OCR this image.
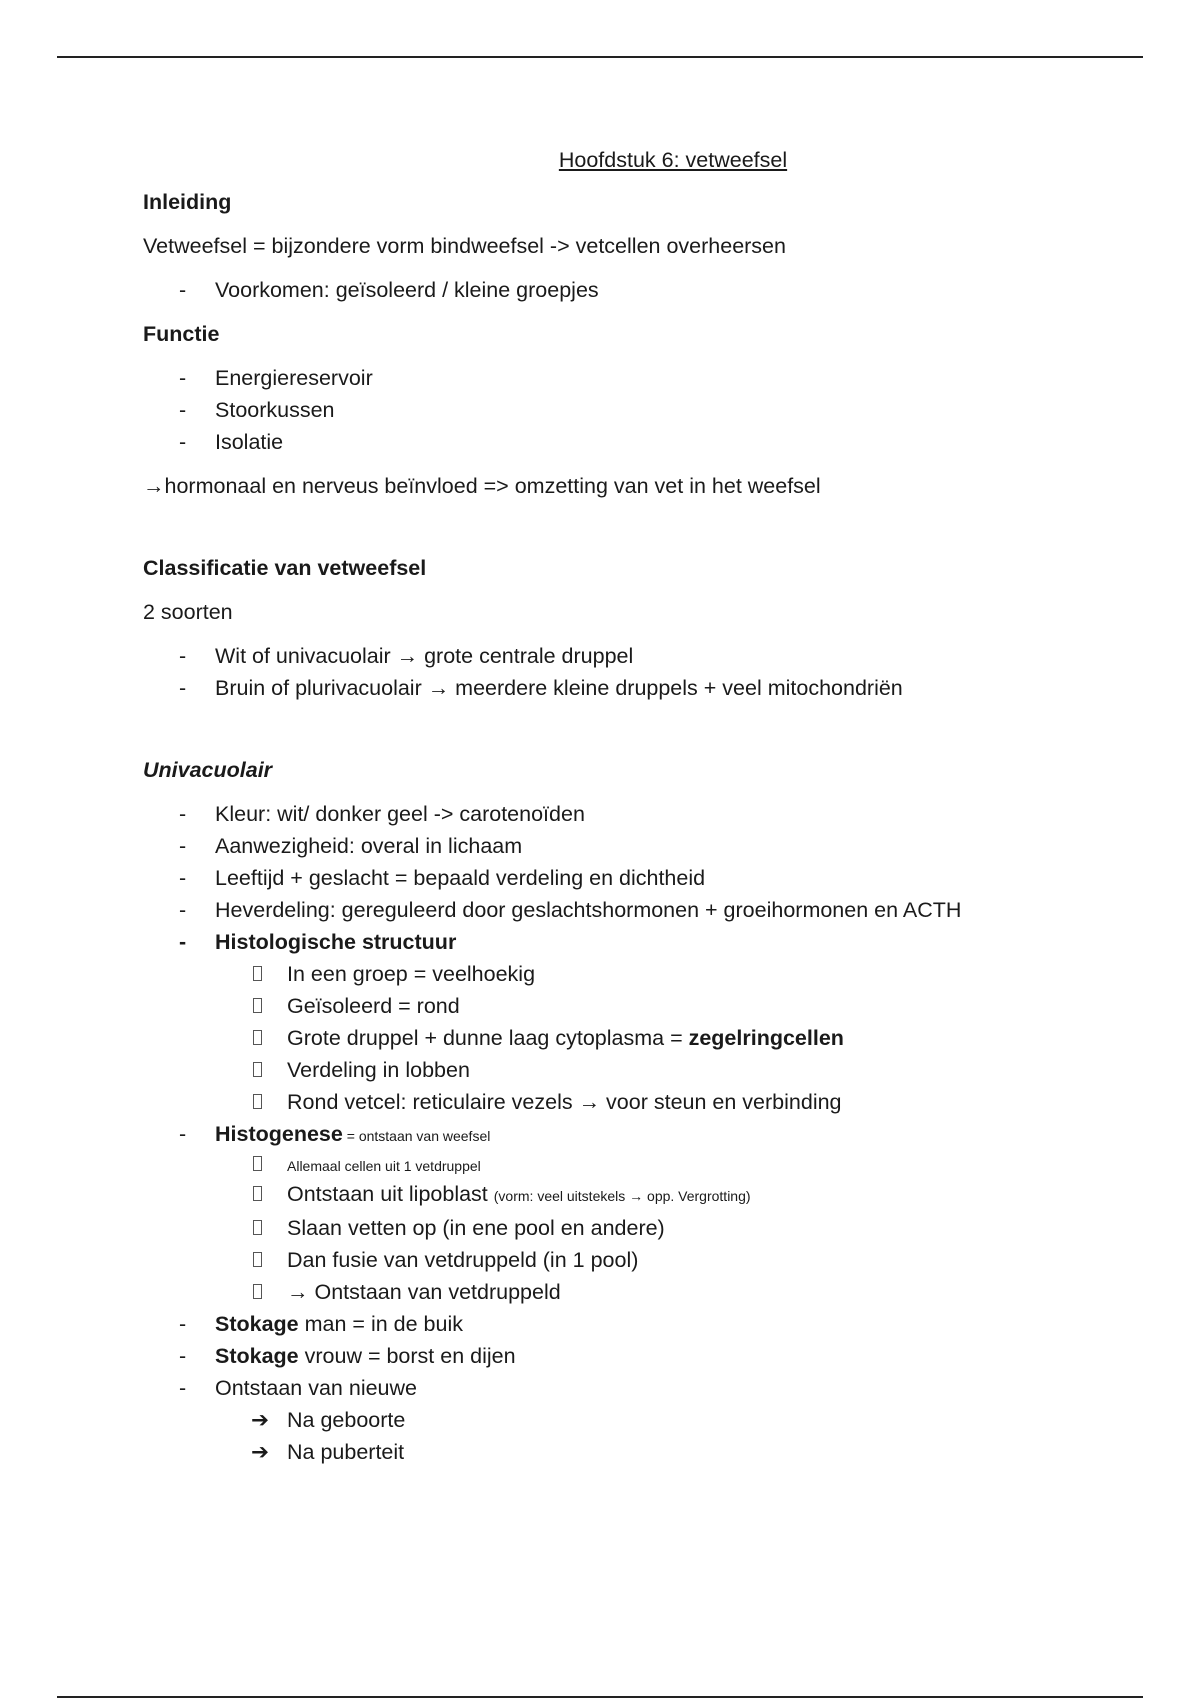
Hoofdstuk 6: vetweefsel
Inleiding

Vetweefsel = bijzondere vorm bindweefsel -> vetcellen overheersen

- Voorkomen: geïsoleerd / kleine groepjes
Functie
- Energiereservoir
- Stoorkussen
- Isolatie

→hormonaal en nerveus beïnvloed => omzetting van vet in het weefsel

Classificatie van vetweefsel

2 soorten

- Wit of univacuolair → grote centrale druppel
- Bruin of plurivacuolair → meerdere kleine druppels + veel mitochondriën
Univacuolair
- Kleur: wit/ donker geel -> carotenoïden
- Aanwezigheid: overal in lichaam
- Leeftijd + geslacht = bepaald verdeling en dichtheid
- Heverdeling: gereguleerd door geslachtshormonen + groeihormonen en ACTH
- Histologische structuur
In een groep = veelhoekig
Geïsoleerd = rond
Grote druppel + dunne laag cytoplasma = zegelringcellen
Verdeling in lobben
Rond vetcel: reticulaire vezels → voor steun en verbinding
- Histogenese = ontstaan van weefsel
Allemaal cellen uit 1 vetdruppel
Ontstaan uit lipoblast (vorm: veel uitstekels → opp. Vergrotting)
Slaan vetten op (in ene pool en andere)
Dan fusie van vetdruppeld (in 1 pool)
→ Ontstaan van vetdruppeld
- Stokage man = in de buik
- Stokage vrouw = borst en dijen
- Ontstaan van nieuwe
➔ Na geboorte
➔ Na puberteit
